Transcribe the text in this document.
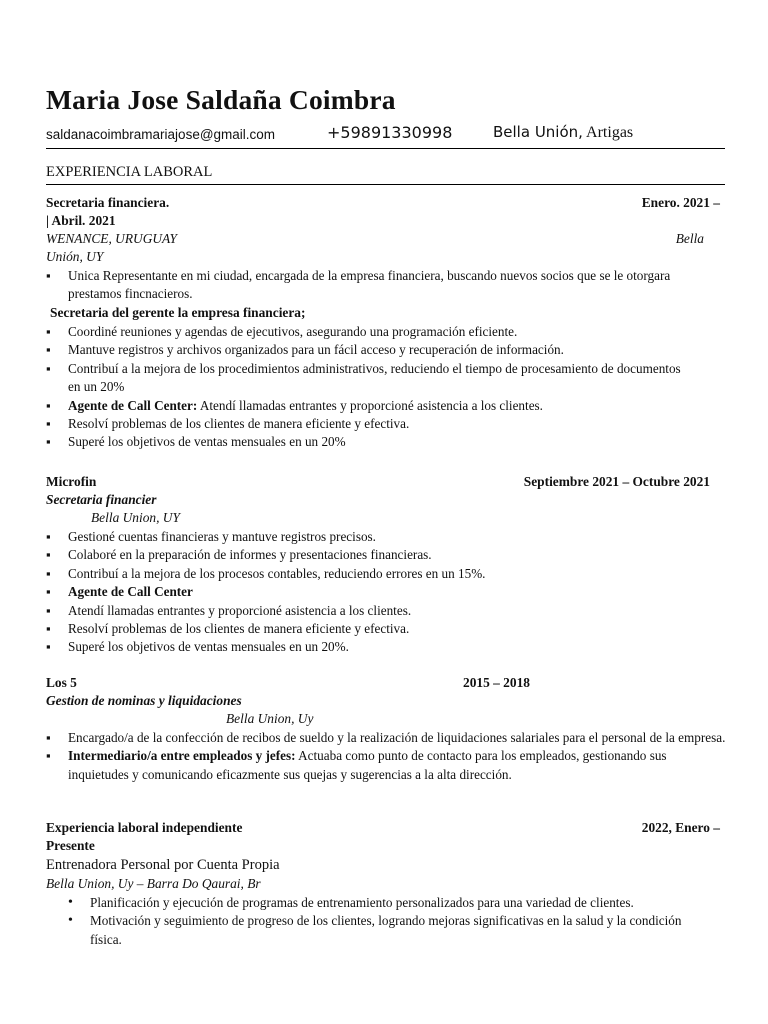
Maria Jose Saldaña Coimbra
saldanacoimbramariajose@gmail.com	+59891330998	Bella Unión, Artigas
EXPERIENCIA LABORAL
Secretaria financiera.	Enero. 2021 –
| Abril. 2021
WENANCE, URUGUAY	Bella
Unión, UY
▪ Unica Representante en mi ciudad, encargada de la empresa financiera, buscando nuevos socios que se le otorgara prestamos fincnacieros.
Secretaria del gerente la empresa financiera;
▪ Coordiné reuniones y agendas de ejecutivos, asegurando una programación eficiente.
▪ Mantuve registros y archivos organizados para un fácil acceso y recuperación de información.
▪ Contribuí a la mejora de los procedimientos administrativos, reduciendo el tiempo de procesamiento de documentos en un 20%
▪ Agente de Call Center: Atendí llamadas entrantes y proporcioné asistencia a los clientes.
▪ Resolví problemas de los clientes de manera eficiente y efectiva.
▪ Superé los objetivos de ventas mensuales en un 20%
Microfin	Septiembre 2021 – Octubre 2021
Secretaria financier
Bella Union, UY
▪ Gestioné cuentas financieras y mantuve registros precisos.
▪ Colaboré en la preparación de informes y presentaciones financieras.
▪ Contribuí a la mejora de los procesos contables, reduciendo errores en un 15%.
▪ Agente de Call Center
▪ Atendí llamadas entrantes y proporcioné asistencia a los clientes.
▪ Resolví problemas de los clientes de manera eficiente y efectiva.
▪ Superé los objetivos de ventas mensuales en un 20%.
Los 5	2015 – 2018
Gestion de nominas y liquidaciones
Bella Union, Uy
▪ Encargado/a de la confección de recibos de sueldo y la realización de liquidaciones salariales para el personal de la empresa.
▪ Intermediario/a entre empleados y jefes: Actuaba como punto de contacto para los empleados, gestionando sus inquietudes y comunicando eficazmente sus quejas y sugerencias a la alta dirección.
Experiencia laboral independiente	2022, Enero –
Presente
Entrenadora Personal por Cuenta Propia
Bella Union, Uy – Barra Do Qaurai, Br
• Planificación y ejecución de programas de entrenamiento personalizados para una variedad de clientes.
• Motivación y seguimiento de progreso de los clientes, logrando mejoras significativas en la salud y la condición física.
